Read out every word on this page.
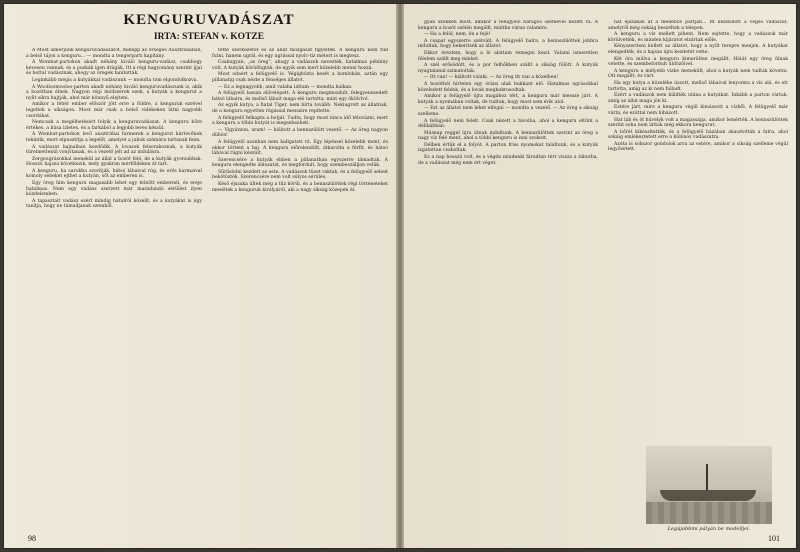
KENGURUVADÁSZAT
IRTA: STEFAN v. KOTZE

A Most ismerjünk kenguruvadászatot, miképp az őrséges Ausztráliában, a belső tájon a kenguru... — mondta a tengerparti kapitány.

A Wombat-partokon akadt néhány kiváló kenguru-vadász, csakhogy kevesen vannak, és a puskák igen drágák. Itt a régi hagyomány szerint íjjal és bottal vadásznak, ahogy az öregek tanították.

Leginkább mégis a kutyákkal vadászunk — mondta tom elgondolkozva.

A Woolloomooloo-parton akadt néhány kiváló kenguruvadászunk is, akik a bozótban élnek. Nagyon régi módszerek ezek, a kutyák a kengurut a nyílt síkra hajtják, ahol már könnyű elejteni.

Amikor a fehér ember először jött erre a földre, a kenguruk ezrével legeltek a síkságon. Most már csak a belső vidékeken látni nagyobb csordákat.

Nemcsak a megélhetésért folyik a kenguruvadászat. A kenguru bőre értékes, a húsa ízletes, és a farkából a legjobb leves készül.

A Wombat-partokon levő ausztráliai farmerek a kengurut kártevőnek tekintik, mert elpusztítja a legelőt, amelyet a juhok számára tartanak fenn.

A vadászat hajnalban kezdődik. A lovasok felsorakoznak, a kutyák türelmetlenül vonyítanak, és a vezető jelt ad az indulásra.

Zergeugrásokkal menekül az állat a bozót felé, de a kutyák gyorsabbak. Hosszú hajsza következik, mely gyakran mérföldeken át tart.

A kenguru, ha sarokba szorítják, hátsó lábaival rúg, és erős karmaival komoly sebeket ejthet a kutyán, sőt az emberen is.

Egy öreg hím kenguru magasabb lehet egy felnőtt embernél, és ereje hatalmas. Nem egy vadász szerzett már maradandó sérülést ilyen küzdelemben.

A tapasztalt vadász ezért mindig hátulról közelít, és a kutyákat is úgy tanítja, hogy ne támadjanak szemből.

tette szerkezetét és az állat mozgását figyelték. A kenguru nem tud futni, hanem ugrál, és egy ugrással nyolc-tíz métert is megtesz.

Csakugyan, „az öreg”, ahogy a vadászok nevezték, hatalmas példány volt. A kutyák körülfogták, de egyik sem mert közelebb menni hozzá.

Most odaért a felügyelő is. Végighúzta kezét a homlokán, aztán egy pillanatig csak nézte a fenséges állatot.

— Ez a legnagyobb, amit valaha láttam — mondta halkan.

A felügyelő lassan előrelépett. A kenguru megmozdult, felegyenesedett hátsó lábaira, és mellső lábait maga elé tartotta, mint egy ökölvívó.

Az egyik kutya, a fiatal Tiger, nem bírta tovább. Nekiugrott az állatnak, de a kenguru egyetlen rúgással messzire repítette.

A felügyelő felkapta a botját. Tudta, hogy most nincs idő tétovázni, mert a kenguru a többi kutyát is megsebezheti.

— Vigyázzon, uram! — kiáltott a bennszülött vezető. — Az öreg nagyon dühös!

A felügyelő azonban nem hallgatott rá. Egy lépéssel közelebb ment, és ekkor történt a baj. A kenguru előrelendült, átkarolta a férfit, és hátsó lábával rúgni készült.

Szerencsére a kutyák ebben a pillanatban egyszerre támadtak. A kenguru elengedte áldozatát, és megfordult, hogy szembeszálljon velük.

Sűrűsödni kezdett az este. A vadászok tüzet raktak, és a felügyelő sebeit bekötözték. Szerencsére nem volt súlyos sérülés.

Késő éjszaka ültek még a tűz körül, és a bennszülöttek régi történeteket meséltek a kenguruk királyáról, aki a nagy síkság közepén él.

98

gyan szökken most, amikor a felügyelő haragos szemével nézett rá. A kenguru a bozót szélén megállt, mintha várna valamire.

— Ha a felül, nem, én a fejé!

A csapat egyszerre szétvált. A felügyelő balra, a bennszülöttek jobbra indultak, hogy bekerítsék az állatot.

Ekkor éreztem, hogy a ló alattam remegni kezd. Valami ismeretlen félelem szállt meg minket.

A szél erősödött, és a por felhőkben szállt a síkság fölött. A kutyák nyugtalanul szimatoltak.

— Itt van! — kiáltott valaki. — Az öreg itt van a közelben!

A bozótból hirtelen egy óriási alak bukkant elő. Hatalmas ugrásokkal közeledett felénk, és a lovak megbokrosodtak.

Amikor a felügyelő újra magához tért, a kenguru már messze járt. A kutyák a nyomában voltak, de tudtuk, hogy most sem érik utol.

— Ezt az állatot nem lehet elfogni — mondta a vezető. — Az öreg a síkság szelleme.

A felügyelő nem felelt. Csak nézett a távolba, ahol a kenguru eltűnt a délibábban.

Másnap reggel újra útnak indultunk. A bennszülöttek szerint az öreg a nagy víz felé ment, ahol a többi kenguru is inni szokott.

Délben értük el a folyót. A parton friss nyomokat találtunk, és a kutyák izgatottan csaholtak.

Ez a nap hosszú volt, és a végén mindenki fáradtan tért vissza a táborba, de a vadászat még nem ért véget.

hat éjszakán át a medence partján... Itt kezdődött a végső vadászat, amelyről még sokáig beszéltek a telepen.

A kenguru a víz mellett pihent. Nem sejtette, hogy a vadászok már körülvették, és minden kijáratot elzártak előle.

Kényszeríteni kellett az állatot, hogy a nyílt terepre menjen. A kutyákat elengedték, és a hajsza újra kezdetét vette.

Két óra múlva a kenguru kimerülten megállt. Hátát egy öreg fának vetette, és szembefordult üldözőivel.

A kenguru a mélyebb vízbe menekült, ahol a kutyák nem tudták követni. Ott megállt, és várt.

Ha egy kutya a közelébe úszott, mellső lábaival lenyomta a víz alá, és ott tartotta, amíg az ki nem fulladt.

Ezért a vadászok nem küldték utána a kutyákat. Inkább a parton vártak, amíg az állat maga jön ki.

Estére járt, mire a kenguru végül kimászott a vízből. A felügyelő már várta, és ezúttal nem hibázott.

Hat láb és öt hüvelyk volt a magassága, amikor lemérték. A bennszülöttek szerint soha nem láttak még ekkora kengurut.

A bőrét kikészítették, és a felügyelő házában akasztották a falra, ahol sokáig emlékeztetett erre a különös vadászatra.

Azóta is sokszor gondolok arra az estére, amikor a síkság szelleme végül legyőzetett.

101
Legújabbmi pályán be modelljei.
